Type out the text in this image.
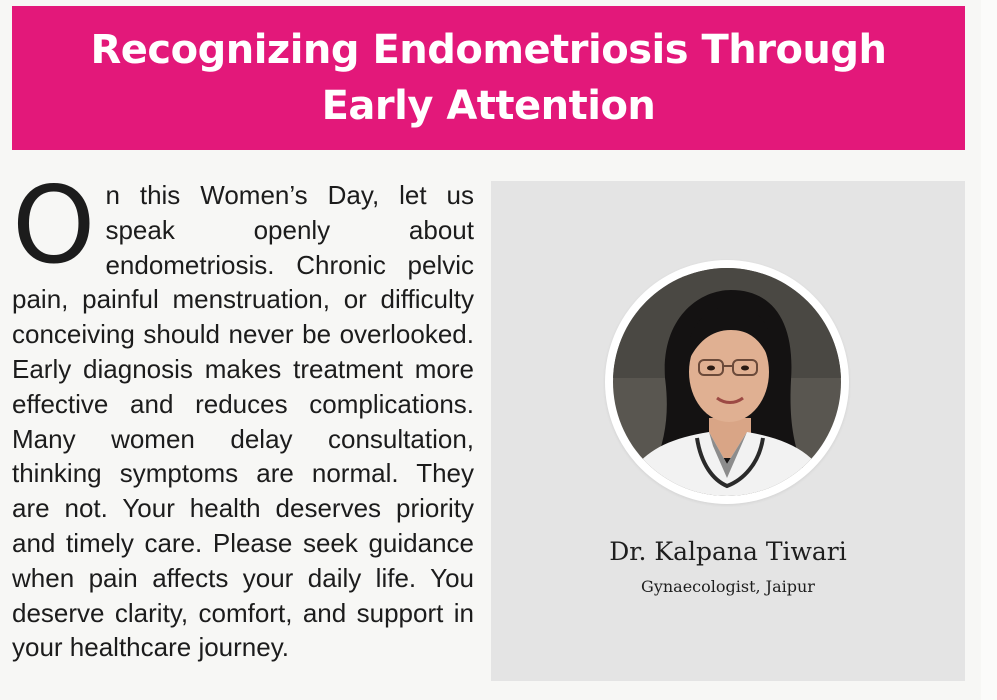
Recognizing Endometriosis Through
Early Attention
O n this Women’s Day, let us speak openly about endometriosis. Chronic pelvic pain, painful menstruation, or difficulty conceiving should never be overlooked. Early diagnosis makes treatment more effective and reduces complications. Many women delay consultation, thinking symptoms are normal. They are not. Your health deserves priority and timely care. Please seek guidance when pain affects your daily life. You deserve clarity, comfort, and support in your healthcare journey.

Dr. Kalpana Tiwari
Gynaecologist, Jaipur
